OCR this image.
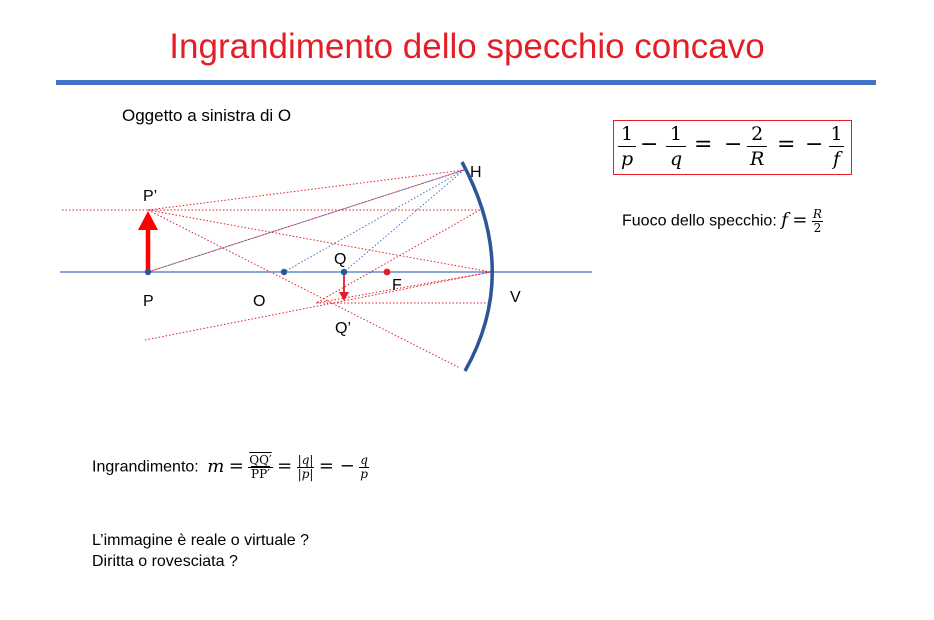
Ingrandimento dello specchio concavo
Oggetto a sinistra di O
H
P’
Q
F
P	O	V
Q’
$\frac{1}{p} - \frac{1}{q}$ = − $\frac{2}{R}$ = − $\frac{1}{f}$
Fuoco dello specchio: $f = \frac{R}{2}$
Ingrandimento: $m = \frac{QQ'}{PP'} = \frac{|q|}{|p|}$ = − $\frac{q}{p}$
L’immagine è reale o virtuale ?
Diritta o rovesciata ?
